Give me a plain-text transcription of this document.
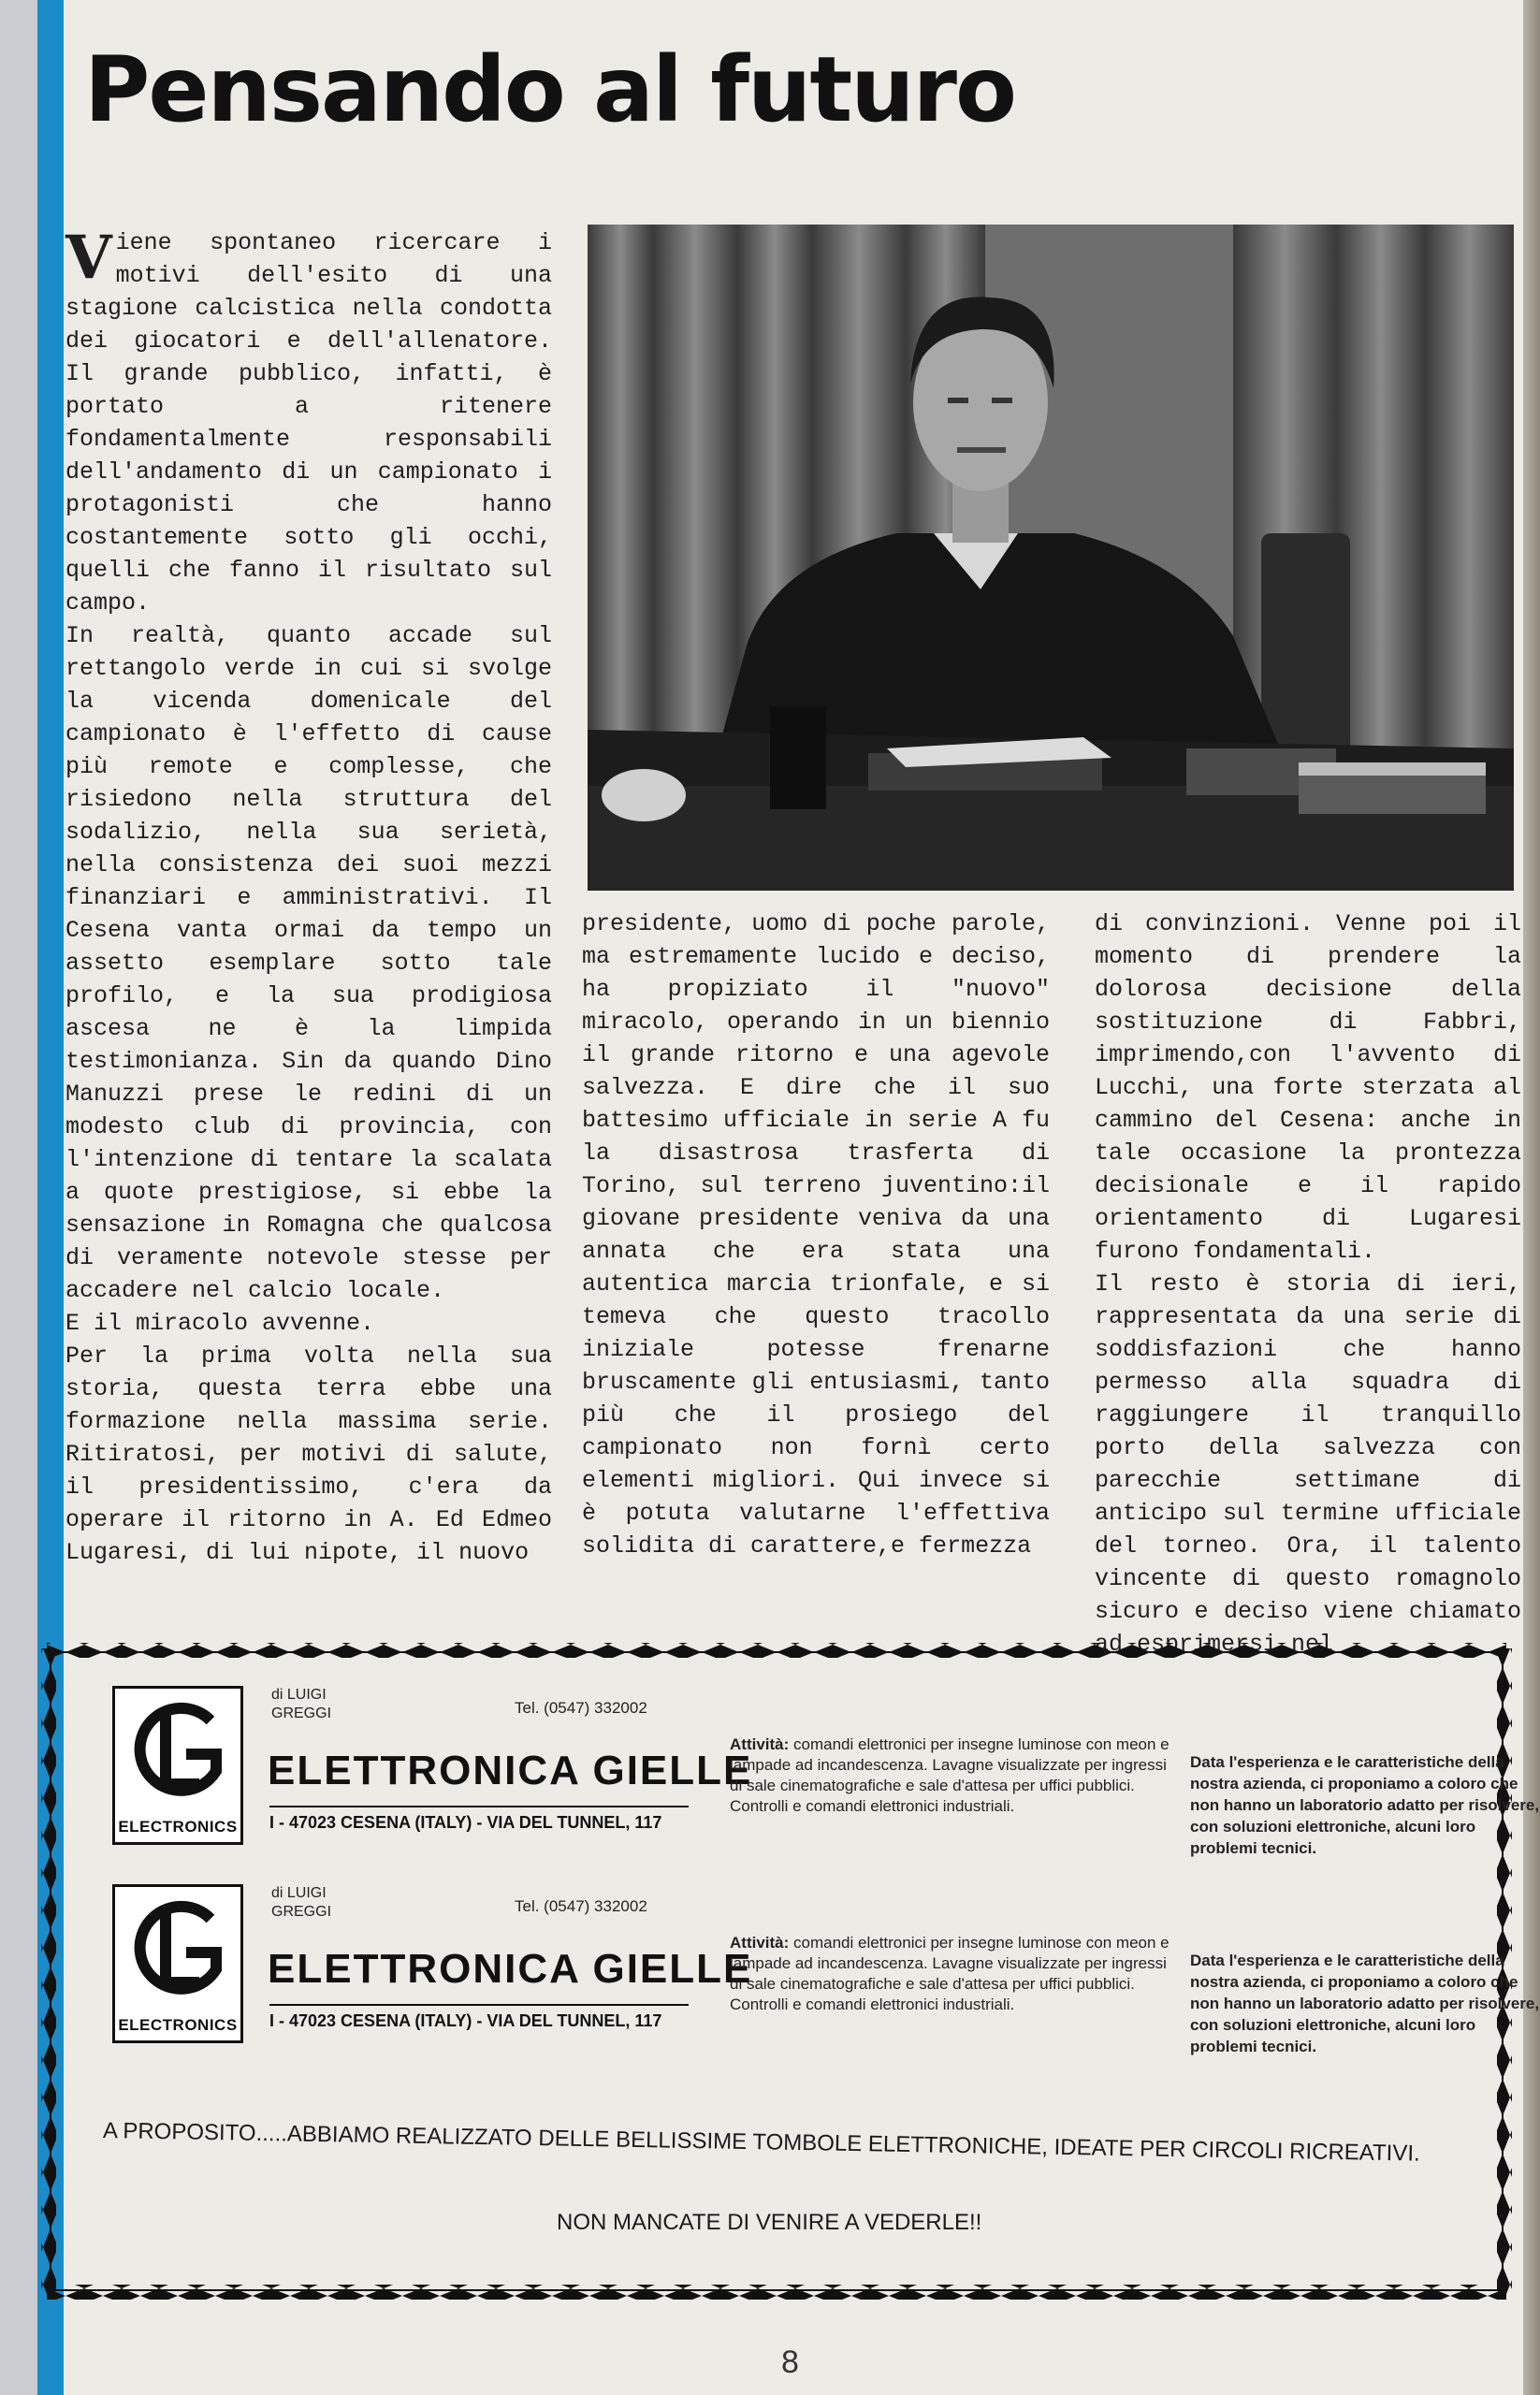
Pensando al futuro

Viene spontaneo ricercare i motivi dell'esito di una stagione calcistica nella condotta dei giocatori e dell'allenatore. Il grande pubblico, infatti, è portato a ritenere fondamentalmente responsabili dell'andamento di un campionato i protagonisti che hanno costantemente sotto gli occhi, quelli che fanno il risultato sul campo.
In realtà, quanto accade sul rettangolo verde in cui si svolge la vicenda domenicale del campionato è l'effetto di cause più remote e complesse, che risiedono nella struttura del sodalizio, nella sua serietà, nella consistenza dei suoi mezzi finanziari e amministrativi. Il Cesena vanta ormai da tempo un assetto esemplare sotto tale profilo, e la sua prodigiosa ascesa ne è la limpida testimonianza. Sin da quando Dino Manuzzi prese le redini di un modesto club di provincia, con l'intenzione di tentare la scalata a quote prestigiose, si ebbe la sensazione in Romagna che qualcosa di veramente notevole stesse per accadere nel calcio locale.
E il miracolo avvenne.
Per la prima volta nella sua storia, questa terra ebbe una formazione nella massima serie. Ritiratosi, per motivi di salute, il presidentissimo, c'era da operare il ritorno in A. Ed Edmeo Lugaresi, di lui nipote, il nuovo

presidente, uomo di poche parole, ma estremamente lucido e deciso, ha propiziato il "nuovo" miracolo, operando in un biennio il grande ritorno e una agevole salvezza. E dire che il suo battesimo ufficiale in serie A fu la disastrosa trasferta di Torino, sul terreno juventino:il giovane presidente veniva da una annata che era stata una autentica marcia trionfale, e si temeva che questo tracollo iniziale potesse frenarne bruscamente gli entusiasmi, tanto più che il prosiego del campionato non fornì certo elementi migliori. Qui invece si è potuta valutarne l'effettiva solidita di carattere,e fermezza

di convinzioni. Venne poi il momento di prendere la dolorosa decisione della sostituzione di Fabbri, imprimendo,con l'avvento di Lucchi, una forte sterzata al cammino del Cesena: anche in tale occasione la prontezza decisionale e il rapido orientamento di Lugaresi furono fondamentali.
Il resto è storia di ieri, rappresentata da una serie di soddisfazioni che hanno permesso alla squadra di raggiungere il tranquillo porto della salvezza con parecchie settimane di anticipo sul termine ufficiale del torneo. Ora, il talento vincente di questo romagnolo sicuro e deciso viene chiamato

ELECTRONICS
di LUIGI
GREGGI	Tel. (0547) 332002
ELETTRONICA GIELLE
I - 47023 CESENA (ITALY) - VIA DEL TUNNEL, 117
Attività: comandi elettronici per insegne luminose con meon e lampade ad incandescenza. Lavagne visualizzate per ingressi di sale cinematografiche e sale d'attesa per uffici pubblici. Controlli e comandi elettronici industriali.
Data l'esperienza e le caratteristiche della nostra azienda, ci proponiamo a coloro che non hanno un laboratorio adatto per risolvere, con soluzioni elettroniche, alcuni loro problemi tecnici.
ELECTRONICS
di LUIGI
GREGGI	Tel. (0547) 332002
ELETTRONICA GIELLE
I - 47023 CESENA (ITALY) - VIA DEL TUNNEL, 117
Attività: comandi elettronici per insegne luminose con meon e lampade ad incandescenza. Lavagne visualizzate per ingressi di sale cinematografiche e sale d'attesa per uffici pubblici. Controlli e comandi elettronici industriali.
Data l'esperienza e le caratteristiche della nostra azienda, ci proponiamo a coloro che non hanno un laboratorio adatto per risolvere, con soluzioni elettroniche, alcuni loro problemi tecnici.
A PROPOSITO.....ABBIAMO REALIZZATO DELLE BELLISSIME TOMBOLE ELETTRONICHE, IDEATE PER CIRCOLI RICREATIVI.
NON MANCATE DI VENIRE A VEDERLE!!
8
